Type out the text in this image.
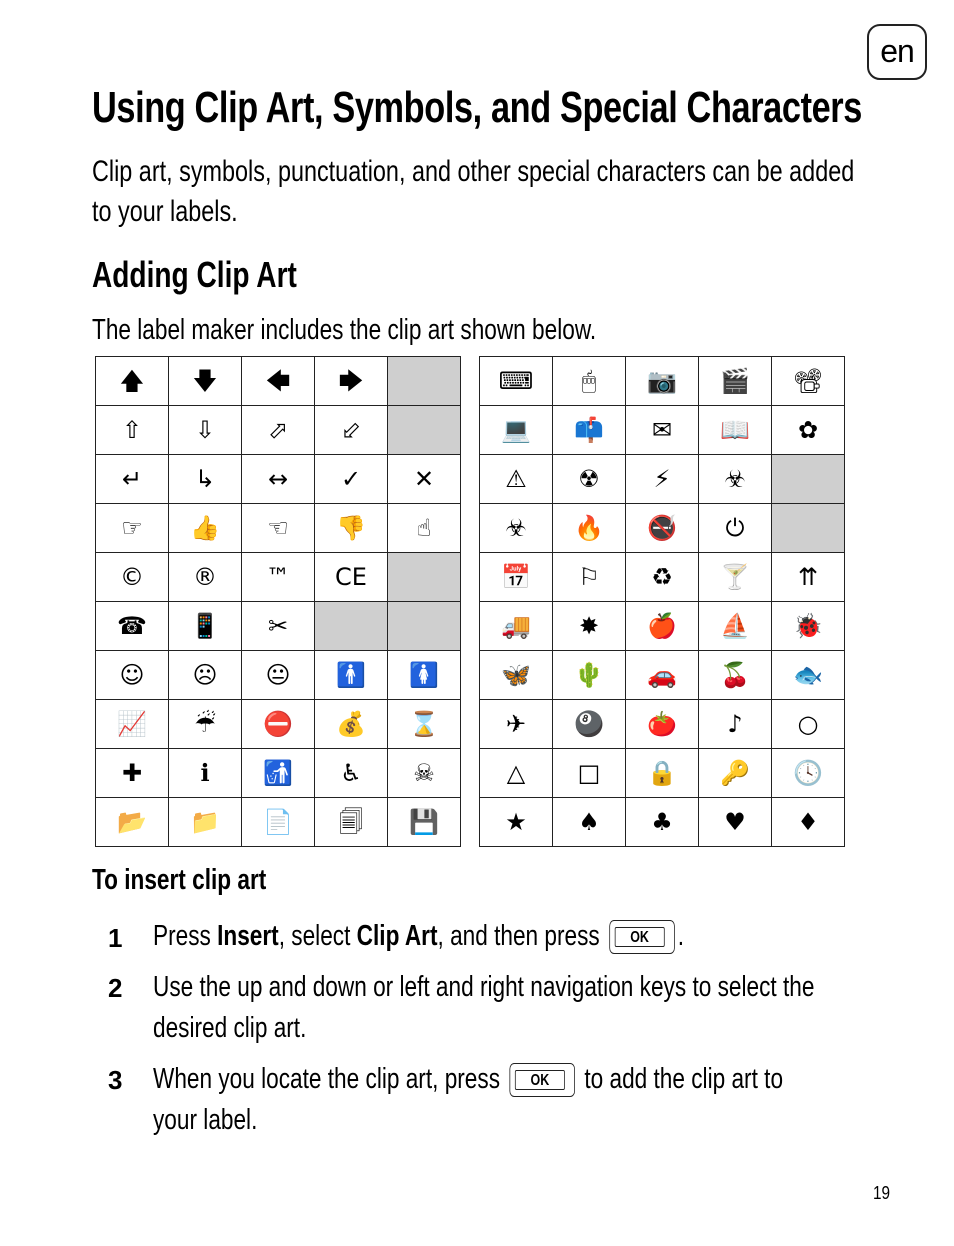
en
Using Clip Art, Symbols, and Special Characters

Clip art, symbols, punctuation, and other special characters can be added to your labels.

Adding Clip Art

The label maker includes the clip art shown below.

🡅	🡇	🡄	🡆	
⇧	⇩	⬀	⬃	
↵	↳	↔	✓	✕
☞	👍	☜	👎	☝
©	®	™	CE	
☎	📱	✂		
☺	☹	😐	🚹	🚺
📈	☔	⛔	💰	⌛
✚	ℹ	🚮	♿	☠
📂	📁	📄	🗐	💾
⌨	🖱	📷	🎬	📽
💻	📫	✉	📖	✿
⚠	☢	⚡	☣	
☣	🔥	🚭	⏻	
📅	⚐	♻	🍸	⇈
🚚	✸	🍎	⛵	🐞
🦋	🌵	🚗	🍒	🐟
✈	🎱	🍅	♪	○
△	□	🔒	🔑	🕓
★	♠	♣	♥	♦
To insert clip art
1 Press Insert, select Clip Art, and then press	OK .
2 Use the up and down or left and right navigation keys to select the desired clip art.
3 When you locate the clip art, press	OK to add the clip art to your label.
19
